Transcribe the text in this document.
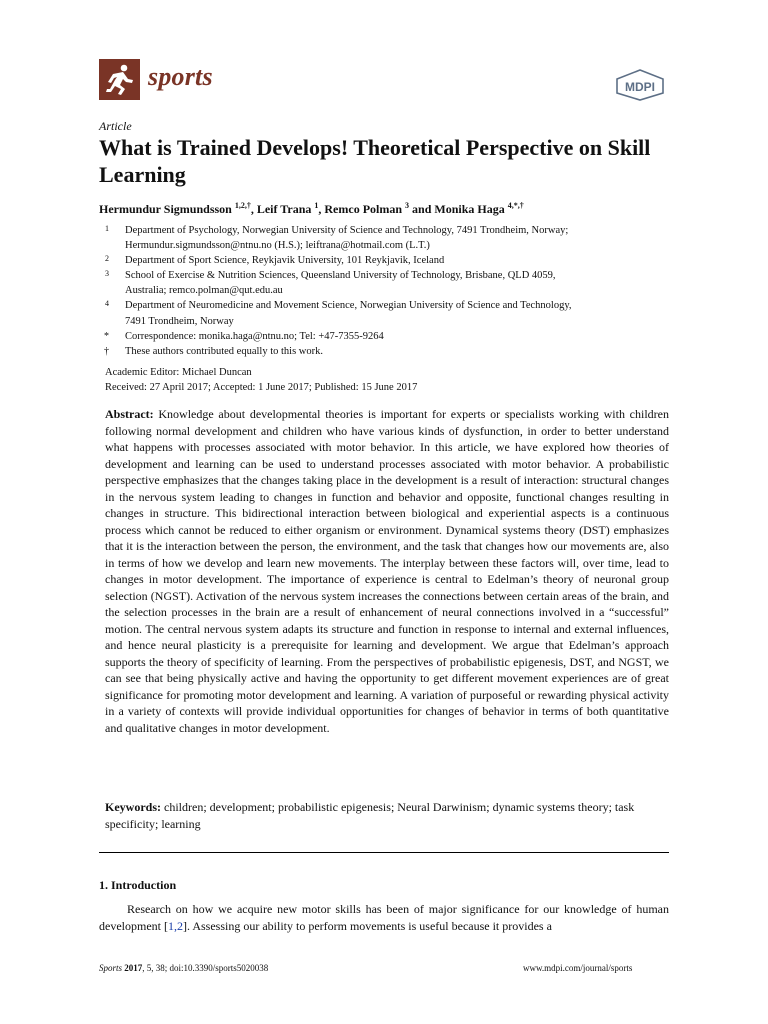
sports	MDPI
Article
What is Trained Develops! Theoretical Perspective on Skill Learning
Hermundur Sigmundsson $^{1,2,\dagger}$, Leif Trana $^1$, Remco Polman $^3$ and Monika Haga $^{4,*,\dagger}$
1 Department of Psychology, Norwegian University of Science and Technology, 7491 Trondheim, Norway;
Hermundur.sigmundsson@ntnu.no (H.S.); leiftrana@hotmail.com (L.T.)
2 Department of Sport Science, Reykjavik University, 101 Reykjavik, Iceland
3 School of Exercise & Nutrition Sciences, Queensland University of Technology, Brisbane, QLD 4059,
Australia; remco.polman@qut.edu.au
4 Department of Neuromedicine and Movement Science, Norwegian University of Science and Technology,
7491 Trondheim, Norway
* Correspondence: monika.haga@ntnu.no; Tel: +47-7355-9264
† These authors contributed equally to this work.
Academic Editor: Michael Duncan
Received: 27 April 2017; Accepted: 1 June 2017; Published: 15 June 2017
Abstract: Knowledge about developmental theories is important for experts or specialists working with children following normal development and children who have various kinds of dysfunction, in order to better understand what happens with processes associated with motor behavior. In this article, we have explored how theories of development and learning can be used to understand processes associated with motor behavior. A probabilistic perspective emphasizes that the changes taking place in the development is a result of interaction: structural changes in the nervous system leading to changes in function and behavior and opposite, functional changes resulting in changes in structure. This bidirectional interaction between biological and experiential aspects is a continuous process which cannot be reduced to either organism or environment. Dynamical systems theory (DST) emphasizes that it is the interaction between the person, the environment, and the task that changes how our movements are, also in terms of how we develop and learn new movements. The interplay between these factors will, over time, lead to changes in motor development. The importance of experience is central to Edelman’s theory of neuronal group selection (NGST). Activation of the nervous system increases the connections between certain areas of the brain, and the selection processes in the brain are a result of enhancement of neural connections involved in a “successful” motion. The central nervous system adapts its structure and function in response to internal and external influences, and hence neural plasticity is a prerequisite for learning and development. We argue that Edelman’s approach supports the theory of specificity of learning. From the perspectives of probabilistic epigenesis, DST, and NGST, we can see that being physically active and having the opportunity to get different movement experiences are of great significance for promoting motor development and learning. A variation of purposeful or rewarding physical activity in a variety of contexts will provide individual opportunities for changes of behavior in terms of both quantitative and qualitative changes in motor development.
Keywords: children; development; probabilistic epigenesis; Neural Darwinism; dynamic systems theory; task specificity; learning
1. Introduction
Research on how we acquire new motor skills has been of major significance for our knowledge of human development [1,2]. Assessing our ability to perform movements is useful because it provides a
Sports 2017, 5, 38; doi:10.3390/sports5020038	www.mdpi.com/journal/sports
